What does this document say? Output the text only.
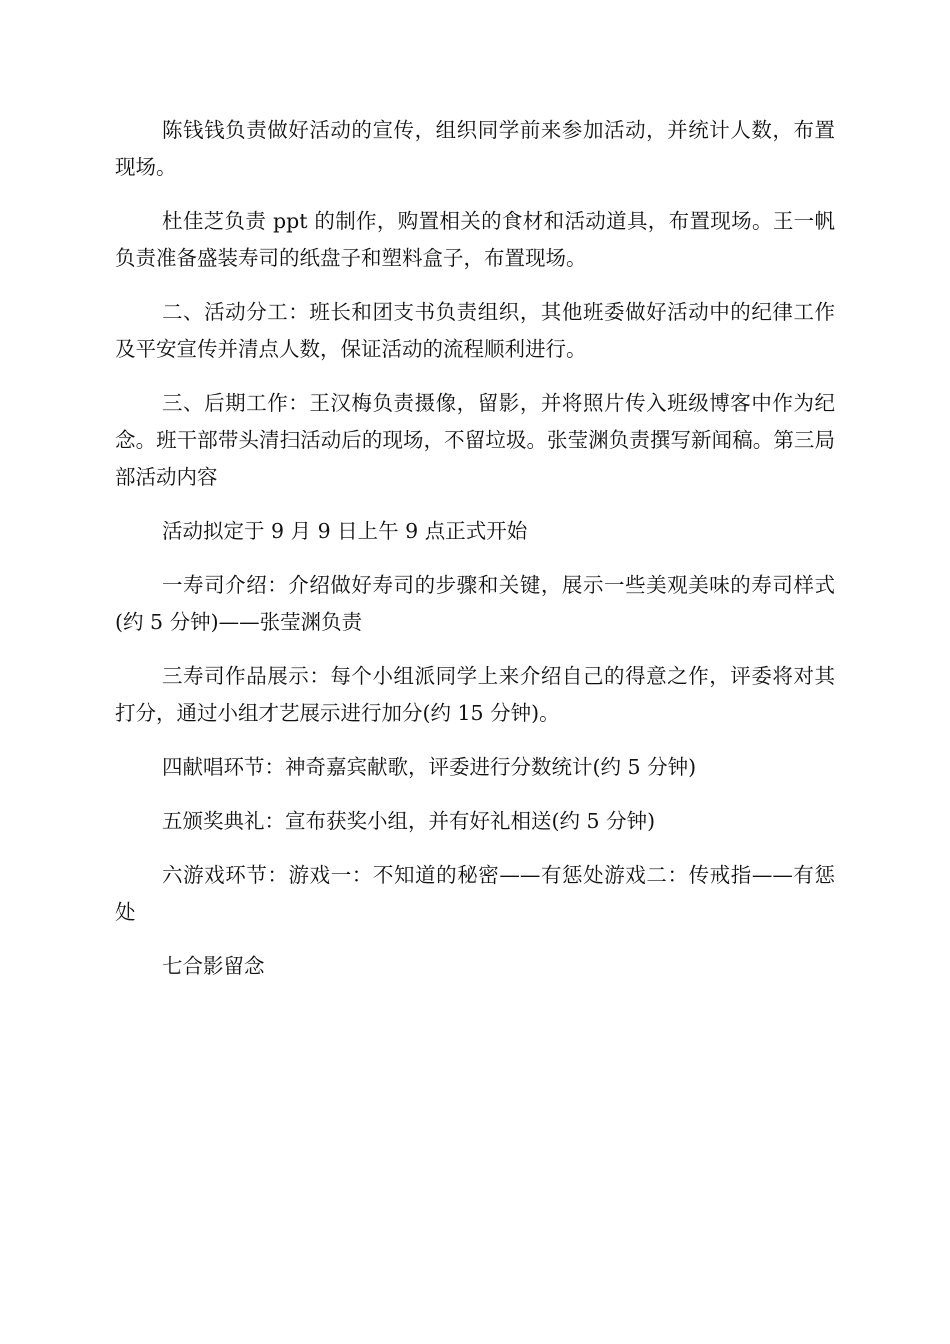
陈钱钱负责做好活动的宣传，组织同学前来参加活动，并统计人数，布置现场。

杜佳芝负责 ppt 的制作，购置相关的食材和活动道具，布置现场。王一帆负责准备盛装寿司的纸盘子和塑料盒子，布置现场。

二、活动分工：班长和团支书负责组织，其他班委做好活动中的纪律工作及平安宣传并清点人数，保证活动的流程顺利进行。

三、后期工作：王汉梅负责摄像，留影，并将照片传入班级博客中作为纪念。班干部带头清扫活动后的现场，不留垃圾。张莹渊负责撰写新闻稿。第三局部活动内容

活动拟定于 9 月 9 日上午 9 点正式开始

一寿司介绍：介绍做好寿司的步骤和关键，展示一些美观美味的寿司样式(约 5 分钟)——张莹渊负责

三寿司作品展示：每个小组派同学上来介绍自己的得意之作，评委将对其打分，通过小组才艺展示进行加分(约 15 分钟)。

四献唱环节：神奇嘉宾献歌，评委进行分数统计(约 5 分钟)

五颁奖典礼：宣布获奖小组，并有好礼相送(约 5 分钟)

六游戏环节：游戏一：不知道的秘密——有惩处游戏二：传戒指——有惩处

七合影留念
